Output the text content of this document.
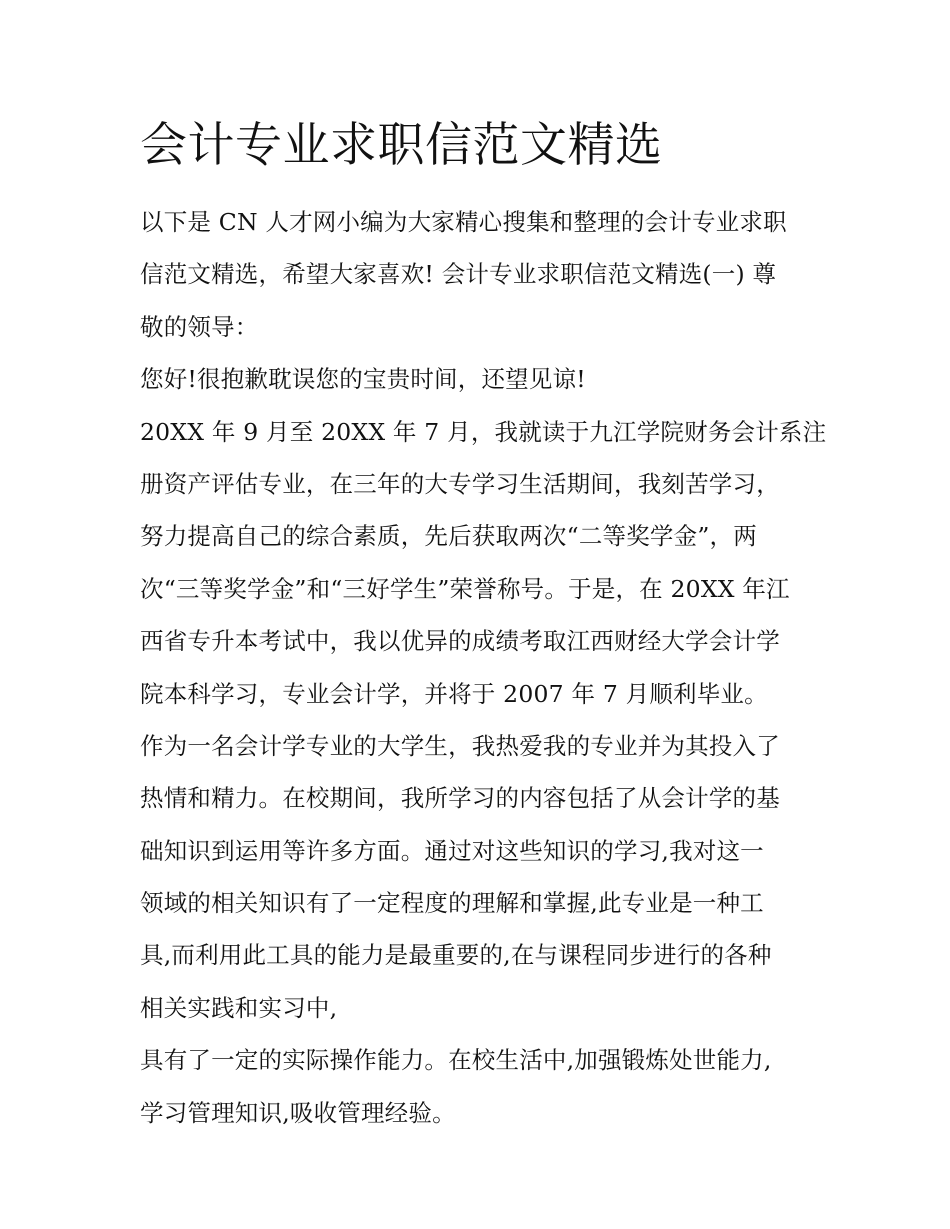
会计专业求职信范文精选
以下是 CN 人才网小编为大家精心搜集和整理的会计专业求职
信范文精选，希望大家喜欢! 会计专业求职信范文精选(一) 尊
敬的领导：
您好!很抱歉耽误您的宝贵时间，还望见谅!
20XX 年 9 月至 20XX 年 7 月，我就读于九江学院财务会计系注
册资产评估专业，在三年的大专学习生活期间，我刻苦学习，
努力提高自己的综合素质，先后获取两次“二等奖学金”，两
次“三等奖学金”和“三好学生”荣誉称号。于是，在 20XX 年江
西省专升本考试中，我以优异的成绩考取江西财经大学会计学
院本科学习，专业会计学，并将于 2007 年 7 月顺利毕业。
作为一名会计学专业的大学生，我热爱我的专业并为其投入了
热情和精力。在校期间，我所学习的内容包括了从会计学的基
础知识到运用等许多方面。通过对这些知识的学习,我对这一
领域的相关知识有了一定程度的理解和掌握,此专业是一种工
具,而利用此工具的能力是最重要的,在与课程同步进行的各种
相关实践和实习中,
具有了一定的实际操作能力。在校生活中,加强锻炼处世能力,
学习管理知识,吸收管理经验。
